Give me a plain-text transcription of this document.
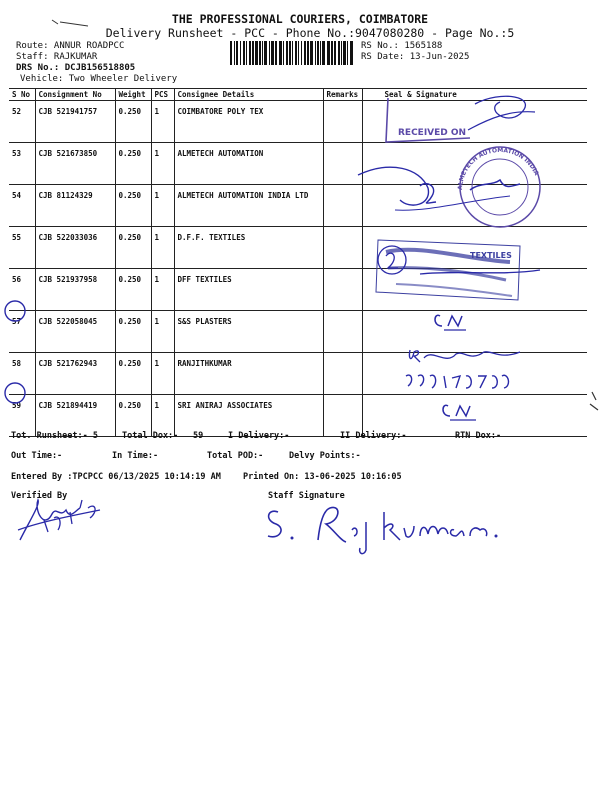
THE PROFESSIONAL COURIERS, COIMBATORE
Delivery Runsheet - PCC - Phone No.:9047080280 - Page No.:5
Route: ANNUR ROADPCC
Staff: RAJKUMAR
DRS No.: DCJB156518805
Vehicle: Two Wheeler Delivery
RS No.: 1565188
RS Date: 13-Jun-2025
S No	Consignment No	Weight	PCS	Consignee Details	Remarks	Seal & Signature
52	CJB 521941757	0.250	1	COIMBATORE POLY TEX		
53	CJB 521673850	0.250	1	ALMETECH AUTOMATION		
54	CJB 81124329	0.250	1	ALMETECH AUTOMATION INDIA LTD		
55	CJB 522033036	0.250	1	D.F.F. TEXTILES		
56	CJB 521937958	0.250	1	DFF TEXTILES		
57	CJB 522058045	0.250	1	S&S PLASTERS		
58	CJB 521762943	0.250	1	RANJITHKUMAR		
59	CJB 521894419	0.250	1	SRI ANIRAJ ASSOCIATES		
Tot. Runsheet:- 5	Total Dox:- 59	I Delivery:-	II Delivery:-	RTN Dox:-
Out Time:-	In Time:-	Total POD:-	Delvy Points:-
Entered By :TPCPCC 06/13/2025 10:14:19 AM	Printed On: 13-06-2025 10:16:05
Verified By	Staff Signature
RECEIVED ON
ALMETECH AUTOMATION INDIA
TEXTILES
